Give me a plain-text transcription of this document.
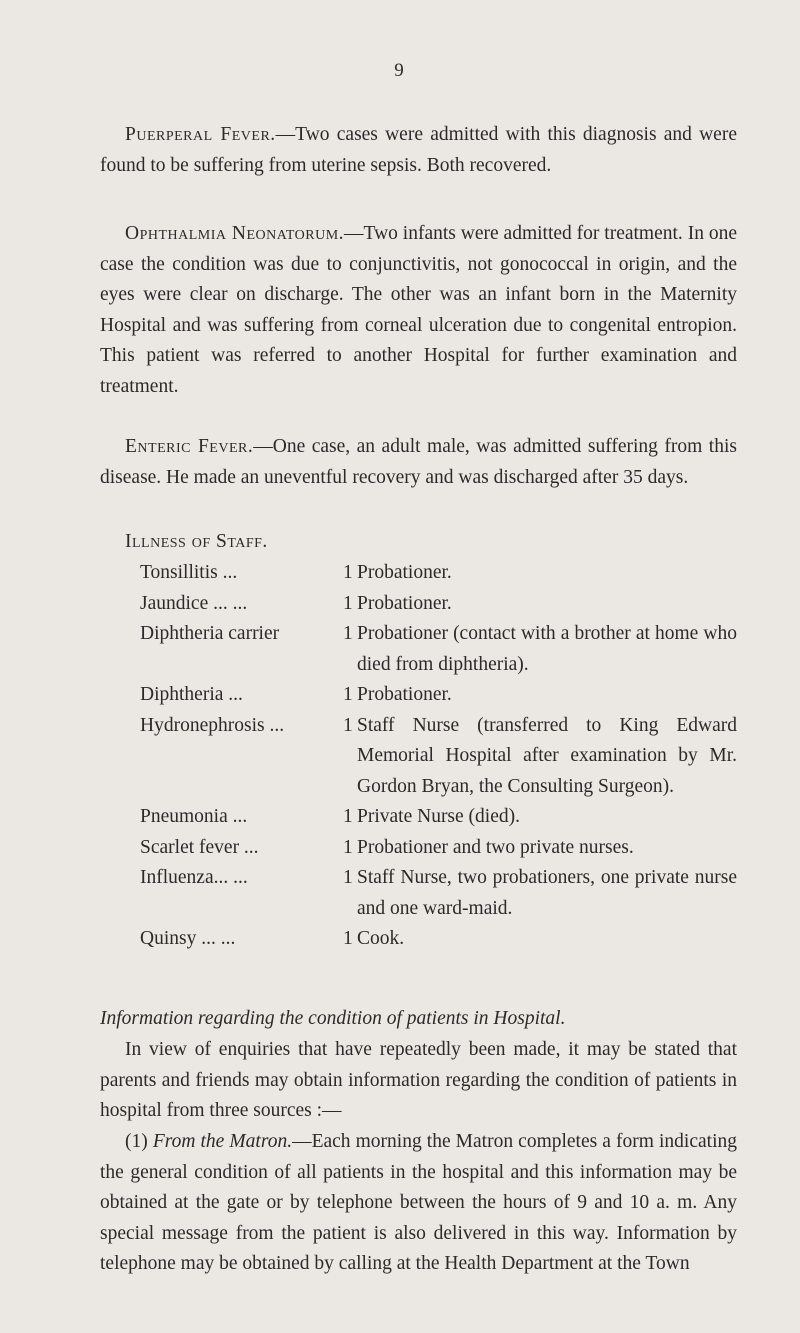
9

Puerperal Fever.—Two cases were admitted with this diagnosis and were found to be suffering from uterine sepsis. Both recovered.

Ophthalmia Neonatorum.—Two infants were admitted for treatment. In one case the condition was due to conjunctivitis, not gonococcal in origin, and the eyes were clear on discharge. The other was an infant born in the Maternity Hospital and was suffering from corneal ulceration due to congenital entropion. This patient was referred to another Hospital for further examination and treatment.

Enteric Fever.—One case, an adult male, was admitted suffering from this disease. He made an uneventful recovery and was discharged after 35 days.

Illness of Staff.
Tonsillitis ...	1	Probationer.
Jaundice ... ...	1	Probationer.
Diphtheria carrier	1	Probationer (contact with a brother at home who died from diphtheria).
Diphtheria ...	1	Probationer.
Hydronephrosis ...	1	Staff Nurse (transferred to King Edward Memorial Hospital after examination by Mr. Gordon Bryan, the Consulting Surgeon).
Pneumonia ...	1	Private Nurse (died).
Scarlet fever ...	1	Probationer and two private nurses.
Influenza... ...	1	Staff Nurse, two probationers, one private nurse and one ward-maid.
Quinsy ... ...	1	Cook.
Information regarding the condition of patients in Hospital.

In view of enquiries that have repeatedly been made, it may be stated that parents and friends may obtain information regarding the condition of patients in hospital from three sources :—

(1) From the Matron.—Each morning the Matron completes a form indicating the general condition of all patients in the hospital and this information may be obtained at the gate or by telephone between the hours of 9 and 10 a. m. Any special message from the patient is also delivered in this way. Information by telephone may be obtained by calling at the Health Department at the Town
